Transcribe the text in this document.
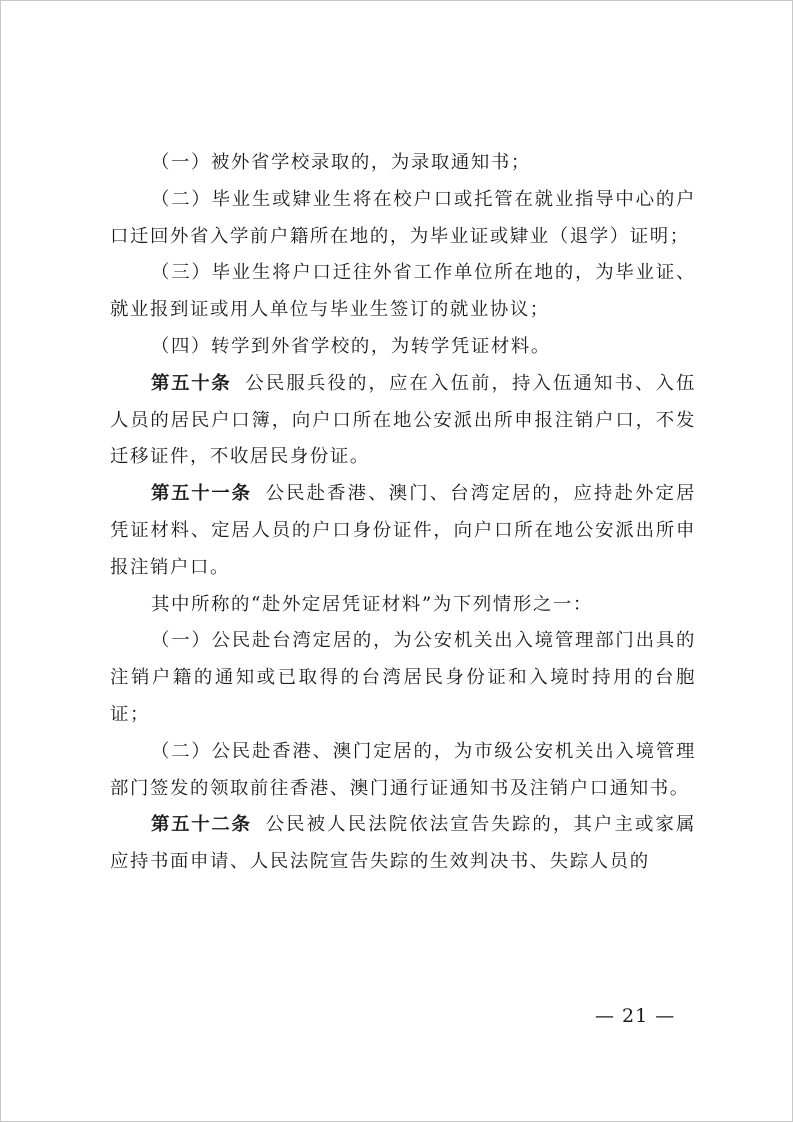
（一）被外省学校录取的，为录取通知书；

（二）毕业生或肄业生将在校户口或托管在就业指导中心的户口迁回外省入学前户籍所在地的，为毕业证或肄业（退学）证明；

（三）毕业生将户口迁往外省工作单位所在地的，为毕业证、就业报到证或用人单位与毕业生签订的就业协议；

（四）转学到外省学校的，为转学凭证材料。

第五十条 公民服兵役的，应在入伍前，持入伍通知书、入伍人员的居民户口簿，向户口所在地公安派出所申报注销户口，不发迁移证件，不收居民身份证。

第五十一条 公民赴香港、澳门、台湾定居的，应持赴外定居凭证材料、定居人员的户口身份证件，向户口所在地公安派出所申报注销户口。

其中所称的“赴外定居凭证材料”为下列情形之一：

（一）公民赴台湾定居的，为公安机关出入境管理部门出具的注销户籍的通知或已取得的台湾居民身份证和入境时持用的台胞证；

（二）公民赴香港、澳门定居的，为市级公安机关出入境管理部门签发的领取前往香港、澳门通行证通知书及注销户口通知书。

第五十二条 公民被人民法院依法宣告失踪的，其户主或家属应持书面申请、人民法院宣告失踪的生效判决书、失踪人员的

— 21 —
